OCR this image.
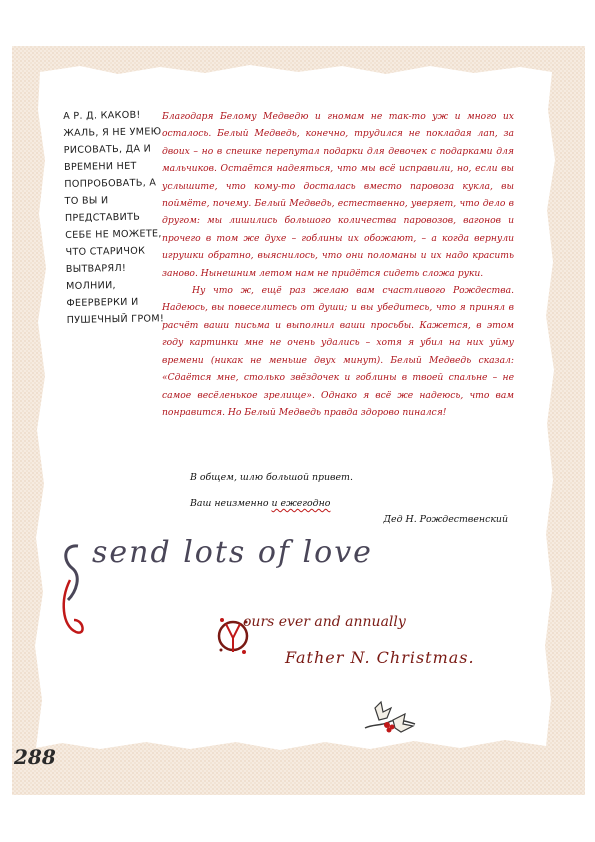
А Р. Д. КАКОВ!
ЖАЛЬ, Я НЕ УМЕЮ
РИСОВАТЬ, ДА И
ВРЕМЕНИ НЕТ
ПОПРОБОВАТЬ, А
ТО ВЫ И
ПРЕДСТАВИТЬ
СЕБЕ НЕ МОЖЕТЕ,
ЧТО СТАРИЧОК
ВЫТВАРЯЛ!
МОЛНИИ,
ФЕЕРВЕРКИ И
ПУШЕЧНЫЙ ГРОМ!

Благодаря Белому Медведю и гномам не так-то уж и много их осталось. Белый Медведь, конечно, трудился не покладая лап, за двоих – но в спешке перепутал подарки для девочек с подарками для мальчиков. Остаётся надеяться, что мы всё исправили, но, если вы услышите, что кому-то досталась вместо паровоза кукла, вы поймёте, почему. Белый Медведь, естественно, уверяет, что дело в другом: мы лишились большого количества паровозов, вагонов и прочего в том же духе – гоблины их обожают, – а когда вернули игрушки обратно, выяснилось, что они поломаны и их надо красить заново. Нынешним летом нам не придётся сидеть сложа руки.

Ну что ж, ещё раз желаю вам счастливого Рождества. Надеюсь, вы повеселитесь от души; и вы убедитесь, что я принял в расчёт ваши письма и выполнил ваши просьбы. Кажется, в этом году картинки мне не очень удались – хотя я убил на них уйму времени (никак не меньше двух минут). Белый Медведь сказал: «Сдаётся мне, столько звёздочек и гоблины в твоей спальне – не самое весёленькое зрелище». Однако я всё же надеюсь, что вам понравится. Но Белый Медведь правда здорово пинался!

В общем, шлю большой привет.

Ваш неизменно и ежегодно

Дед Н. Рождественский

send lots of love

ours ever and annually

Father N. Christmas.

288
